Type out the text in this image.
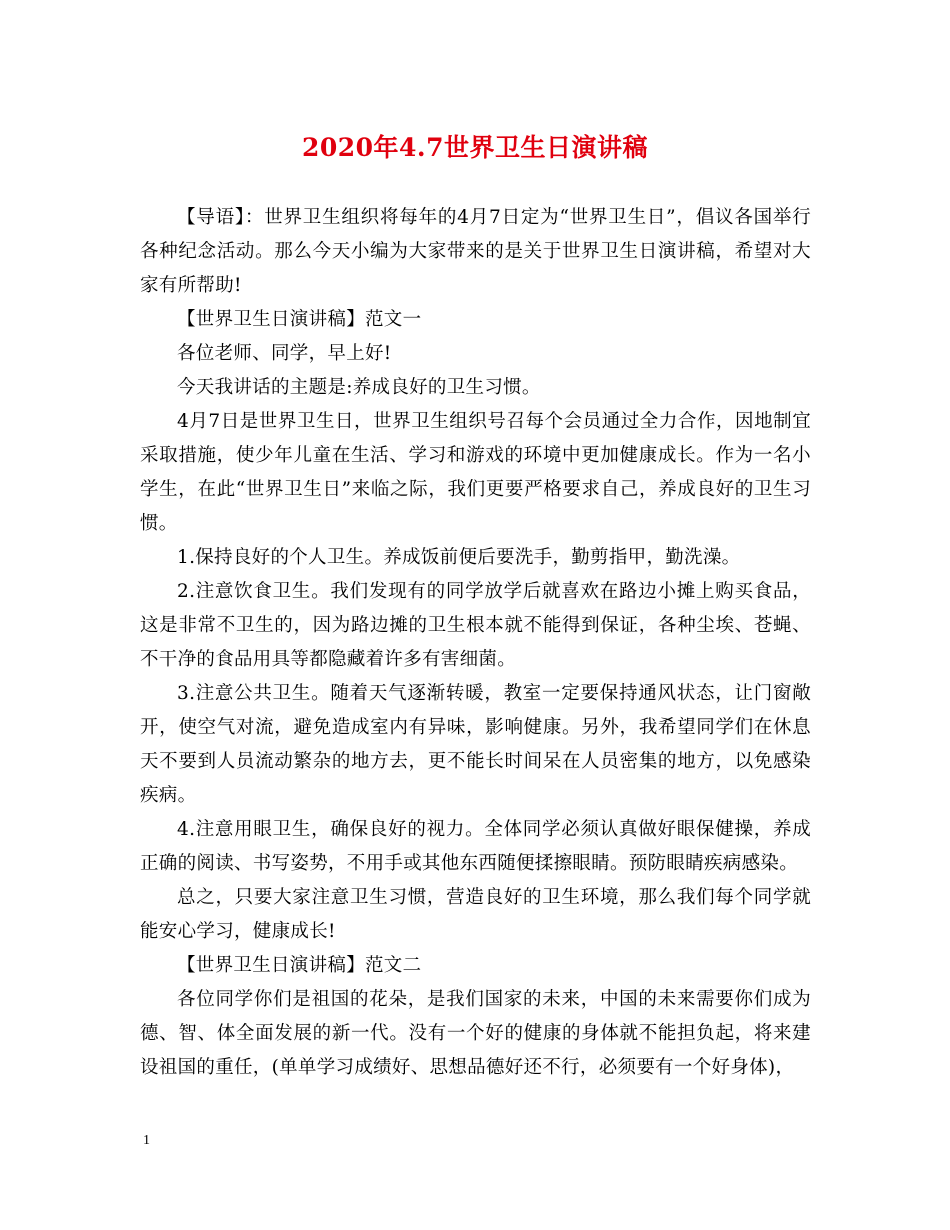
2020年4.7世界卫生日演讲稿

【导语】：世界卫生组织将每年的4月7日定为“世界卫生日”，倡议各国举行各种纪念活动。那么今天小编为大家带来的是关于世界卫生日演讲稿，希望对大家有所帮助!

【世界卫生日演讲稿】范文一

各位老师、同学，早上好!

今天我讲话的主题是:养成良好的卫生习惯。

4月7日是世界卫生日，世界卫生组织号召每个会员通过全力合作，因地制宜采取措施，使少年儿童在生活、学习和游戏的环境中更加健康成长。作为一名小学生，在此“世界卫生日”来临之际，我们更要严格要求自己，养成良好的卫生习惯。

1.保持良好的个人卫生。养成饭前便后要洗手，勤剪指甲，勤洗澡。

2.注意饮食卫生。我们发现有的同学放学后就喜欢在路边小摊上购买食品，这是非常不卫生的，因为路边摊的卫生根本就不能得到保证，各种尘埃、苍蝇、不干净的食品用具等都隐藏着许多有害细菌。

3.注意公共卫生。随着天气逐渐转暖，教室一定要保持通风状态，让门窗敞开，使空气对流，避免造成室内有异味，影响健康。另外，我希望同学们在休息天不要到人员流动繁杂的地方去，更不能长时间呆在人员密集的地方，以免感染疾病。

4.注意用眼卫生，确保良好的视力。全体同学必须认真做好眼保健操，养成正确的阅读、书写姿势，不用手或其他东西随便揉擦眼睛。预防眼睛疾病感染。

总之，只要大家注意卫生习惯，营造良好的卫生环境，那么我们每个同学就能安心学习，健康成长!

【世界卫生日演讲稿】范文二

各位同学你们是祖国的花朵，是我们国家的未来，中国的未来需要你们成为德、智、体全面发展的新一代。没有一个好的健康的身体就不能担负起，将来建设祖国的重任，(单单学习成绩好、思想品德好还不行，必须要有一个好身体)，

1
